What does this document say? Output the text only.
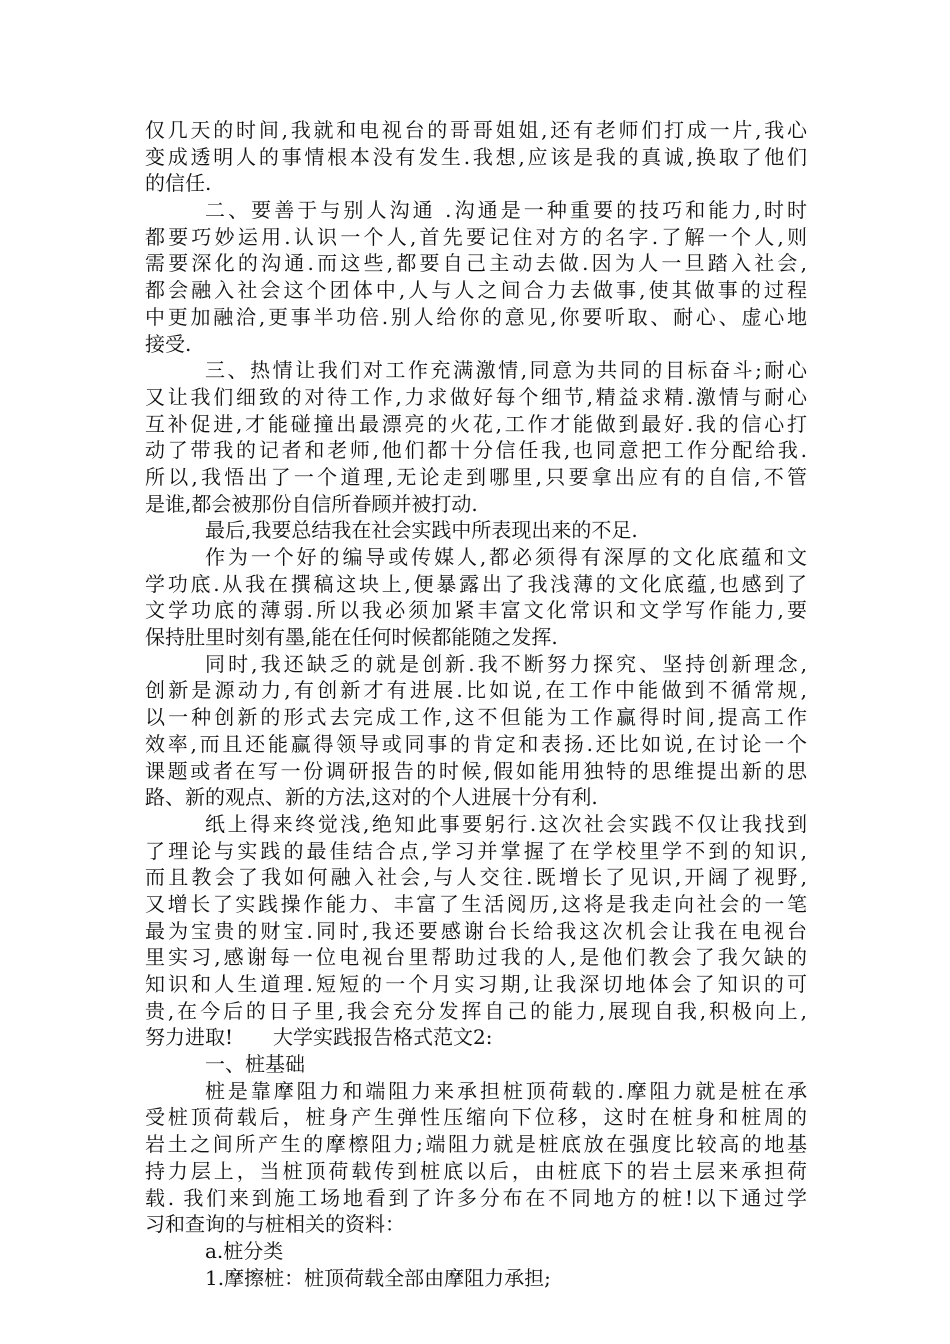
仅几天的时间,我就和电视台的哥哥姐姐,还有老师们打成一片,我心
变成透明人的事情根本没有发生.我想,应该是我的真诚,换取了他们
的信任.
二、要善于与别人沟通 .沟通是一种重要的技巧和能力,时时
都要巧妙运用.认识一个人,首先要记住对方的名字.了解一个人,则
需要深化的沟通.而这些,都要自己主动去做.因为人一旦踏入社会,
都会融入社会这个团体中,人与人之间合力去做事,使其做事的过程
中更加融洽,更事半功倍.别人给你的意见,你要听取、耐心、虚心地
接受.
三、热情让我们对工作充满激情,同意为共同的目标奋斗;耐心
又让我们细致的对待工作,力求做好每个细节,精益求精.激情与耐心
互补促进,才能碰撞出最漂亮的火花,工作才能做到最好.我的信心打
动了带我的记者和老师,他们都十分信任我,也同意把工作分配给我.
所以,我悟出了一个道理,无论走到哪里,只要拿出应有的自信,不管
是谁,都会被那份自信所眷顾并被打动.
最后,我要总结我在社会实践中所表现出来的不足.
作为一个好的编导或传媒人,都必须得有深厚的文化底蕴和文
学功底.从我在撰稿这块上,便暴露出了我浅薄的文化底蕴,也感到了
文学功底的薄弱.所以我必须加紧丰富文化常识和文学写作能力,要
保持肚里时刻有墨,能在任何时候都能随之发挥.
同时,我还缺乏的就是创新.我不断努力探究、坚持创新理念,
创新是源动力,有创新才有进展.比如说,在工作中能做到不循常规,
以一种创新的形式去完成工作,这不但能为工作赢得时间,提高工作
效率,而且还能赢得领导或同事的肯定和表扬.还比如说,在讨论一个
课题或者在写一份调研报告的时候,假如能用独特的思维提出新的思
路、新的观点、新的方法,这对的个人进展十分有利.
纸上得来终觉浅,绝知此事要躬行.这次社会实践不仅让我找到
了理论与实践的最佳结合点,学习并掌握了在学校里学不到的知识,
而且教会了我如何融入社会,与人交往.既增长了见识,开阔了视野,
又增长了实践操作能力、丰富了生活阅历,这将是我走向社会的一笔
最为宝贵的财宝.同时,我还要感谢台长给我这次机会让我在电视台
里实习,感谢每一位电视台里帮助过我的人,是他们教会了我欠缺的
知识和人生道理.短短的一个月实习期,让我深切地体会了知识的可
贵,在今后的日子里,我会充分发挥自己的能力,展现自我,积极向上,
努力进取!　　大学实践报告格式范文2:
一、桩基础
桩是靠摩阻力和端阻力来承担桩顶荷载的.摩阻力就是桩在承
受桩顶荷载后，桩身产生弹性压缩向下位移，这时在桩身和桩周的
岩土之间所产生的摩檫阻力;端阻力就是桩底放在强度比较高的地基
持力层上，当桩顶荷载传到桩底以后，由桩底下的岩土层来承担荷
载. 我们来到施工场地看到了许多分布在不同地方的桩!以下通过学
习和查询的与桩相关的资料：
a.桩分类
1.摩擦桩：桩顶荷载全部由摩阻力承担;
